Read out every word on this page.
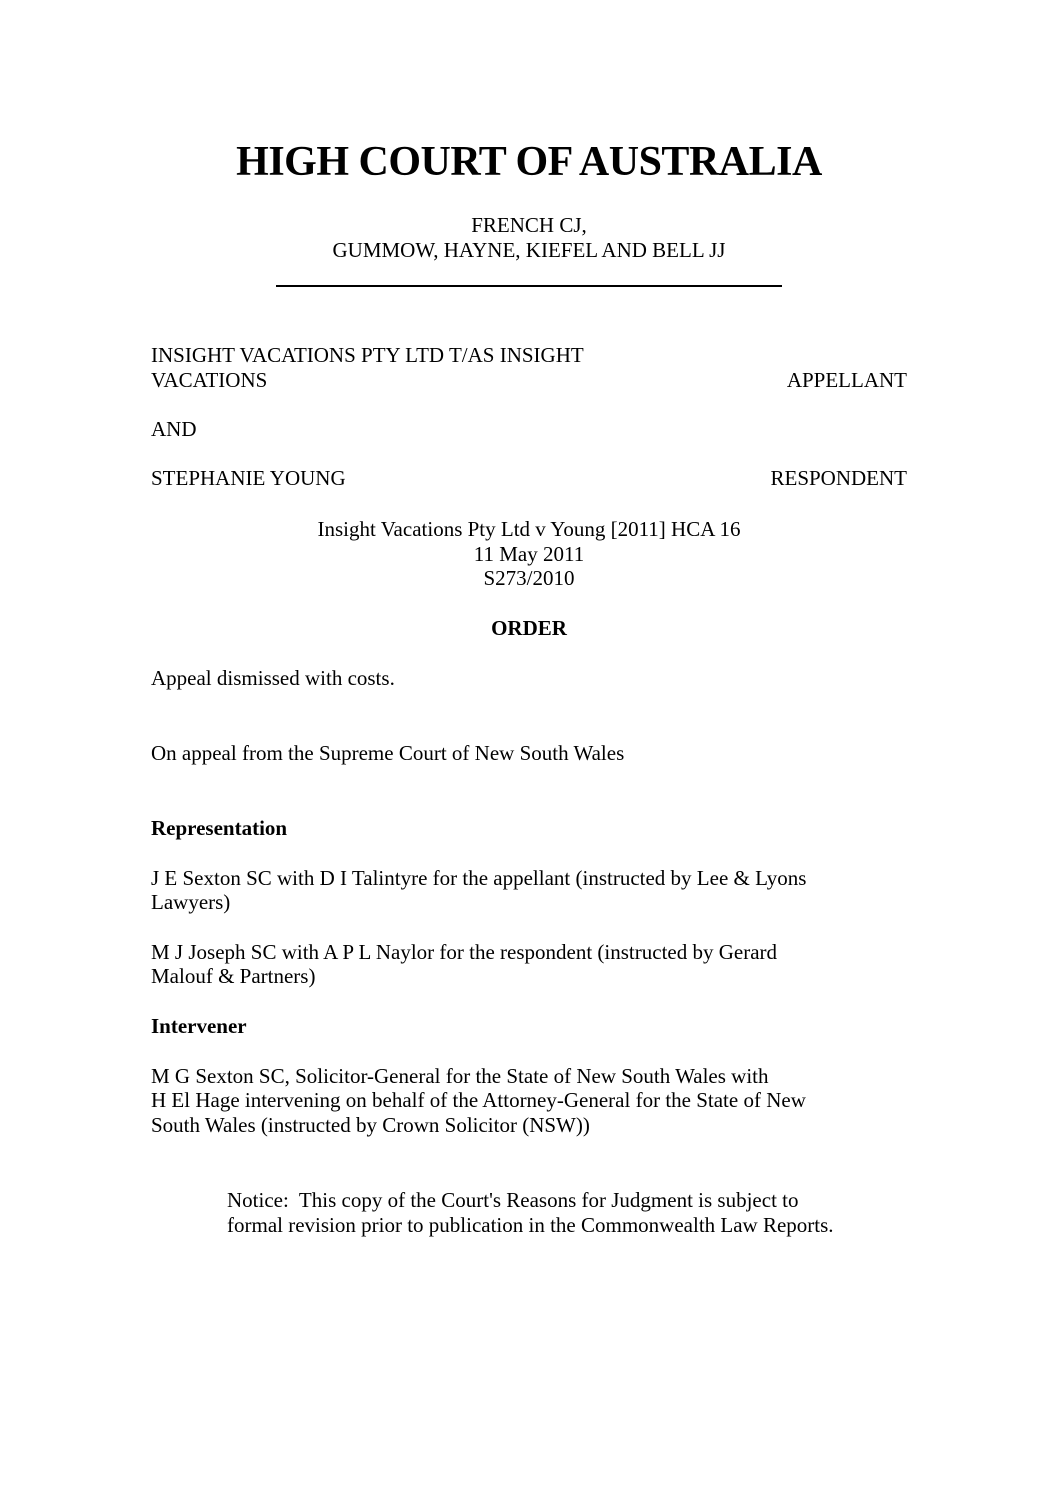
HIGH COURT OF AUSTRALIA
FRENCH CJ,
GUMMOW, HAYNE, KIEFEL AND BELL JJ
INSIGHT VACATIONS PTY LTD T/AS INSIGHT
VACATIONS	APPELLANT
AND
STEPHANIE YOUNG	RESPONDENT
Insight Vacations Pty Ltd v Young [2011] HCA 16
11 May 2011
S273/2010
ORDER
Appeal dismissed with costs.
On appeal from the Supreme Court of New South Wales
Representation
J E Sexton SC with D I Talintyre for the appellant (instructed by Lee & Lyons
Lawyers)
M J Joseph SC with A P L Naylor for the respondent (instructed by Gerard
Malouf & Partners)
Intervener
M G Sexton SC, Solicitor-General for the State of New South Wales with
H El Hage intervening on behalf of the Attorney-General for the State of New
South Wales (instructed by Crown Solicitor (NSW))
Notice:  This copy of the Court's Reasons for Judgment is subject to
formal revision prior to publication in the Commonwealth Law Reports.
